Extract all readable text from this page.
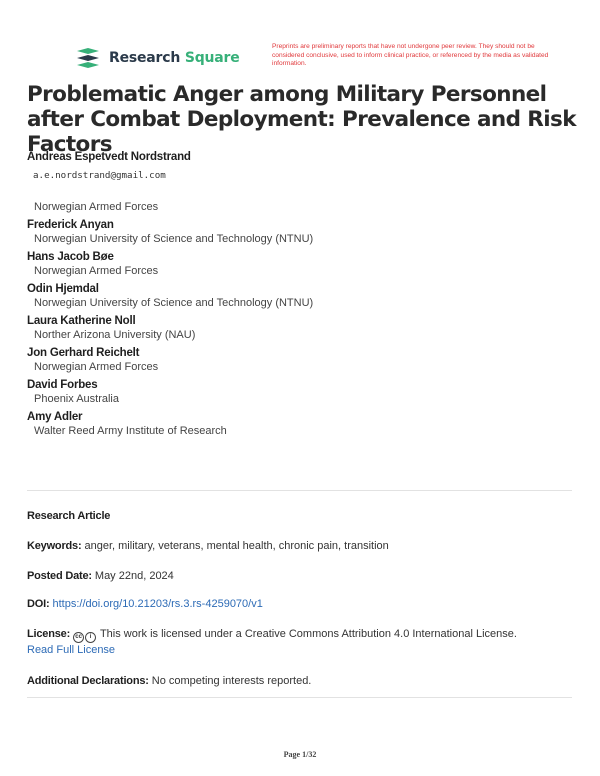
Research Square
Preprints are preliminary reports that have not undergone peer review. They should not be considered conclusive, used to inform clinical practice, or referenced by the media as validated information.
Problematic Anger among Military Personnel after Combat Deployment: Prevalence and Risk Factors
Andreas Espetvedt Nordstrand
a.e.nordstrand@gmail.com
Norwegian Armed Forces
Frederick Anyan
Norwegian University of Science and Technology (NTNU)
Hans Jacob Bøe
Norwegian Armed Forces
Odin Hjemdal
Norwegian University of Science and Technology (NTNU)
Laura Katherine Noll
Norther Arizona University (NAU)
Jon Gerhard Reichelt
Norwegian Armed Forces
David Forbes
Phoenix Australia
Amy Adler
Walter Reed Army Institute of Research
Research Article
Keywords: anger, military, veterans, mental health, chronic pain, transition
Posted Date: May 22nd, 2024
DOI: https://doi.org/10.21203/rs.3.rs-4259070/v1
License: cc i This work is licensed under a Creative Commons Attribution 4.0 International License.
Read Full License
Additional Declarations: No competing interests reported.
Page 1/32
